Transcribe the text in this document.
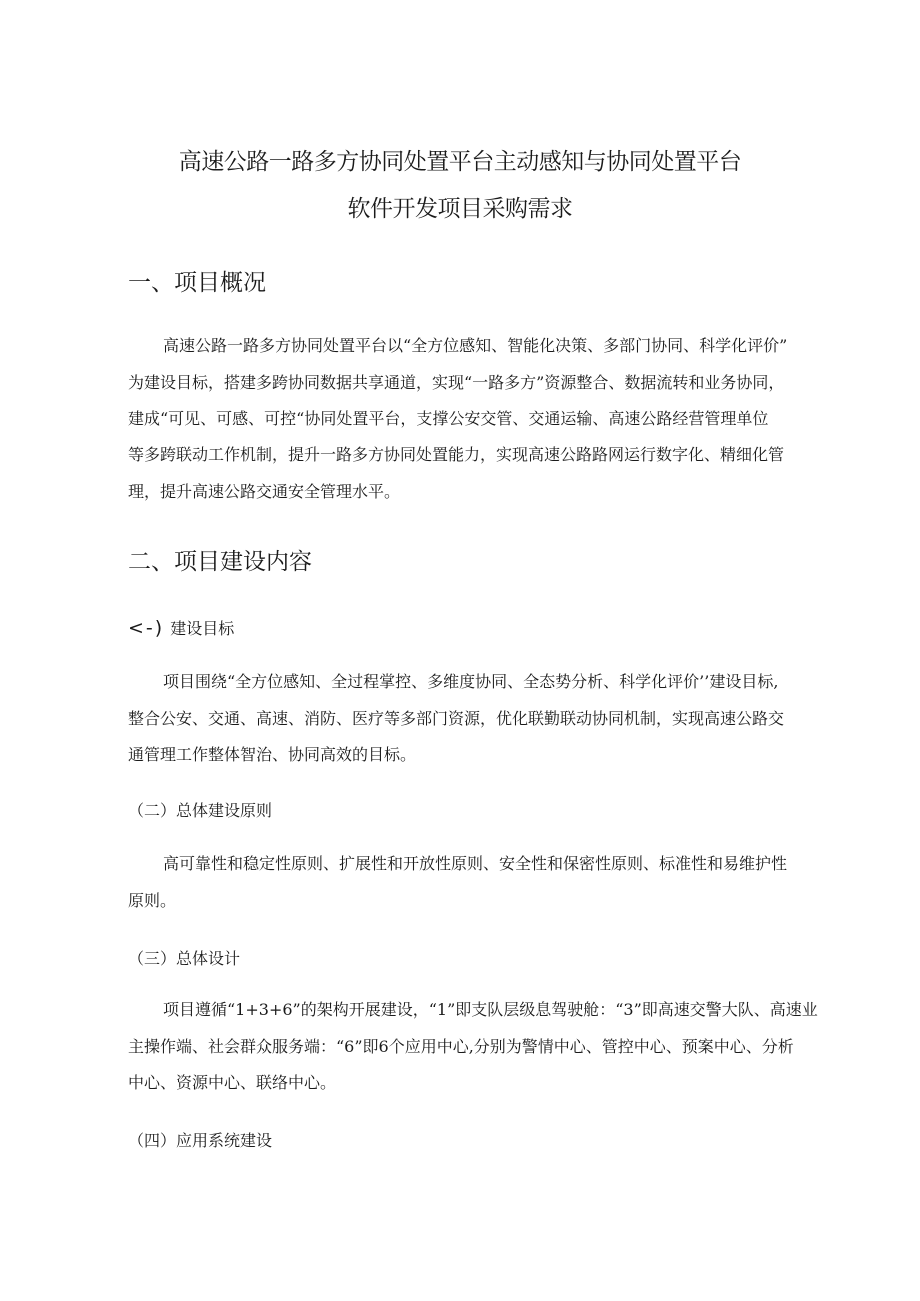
高速公路一路多方协同处置平台主动感知与协同处置平台
软件开发项目采购需求
一、项目概况
高速公路一路多方协同处置平台以“全方位感知、智能化决策、多部门协同、科学化评价”
为建设目标，搭建多跨协同数据共享通道，实现“一路多方”资源整合、数据流转和业务协同，
建成“可见、可感、可控“协同处置平台，支撑公安交管、交通运输、高速公路经营管理单位
等多跨联动工作机制，提升一路多方协同处置能力，实现高速公路路网运行数字化、精细化管
理，提升高速公路交通安全管理水平。
二、项目建设内容
<-) 建设目标
项目围绕“全方位感知、全过程掌控、多维度协同、全态势分析、科学化评价’’建设目标,
整合公安、交通、高速、消防、医疗等多部门资源，优化联勤联动协同机制，实现高速公路交
通管理工作整体智治、协同高效的目标。
（二）总体建设原则
高可靠性和稳定性原则、扩展性和开放性原则、安全性和保密性原则、标准性和易维护性
原则。
（三）总体设计
项目遵循“1+3+6”的架构开展建设，“1”即支队层级息驾驶舱：“3”即高速交警大队、高速业
主操作端、社会群众服务端：“6”即6个应用中心,分别为警情中心、管控中心、预案中心、分析
中心、资源中心、联络中心。
（四）应用系统建设
